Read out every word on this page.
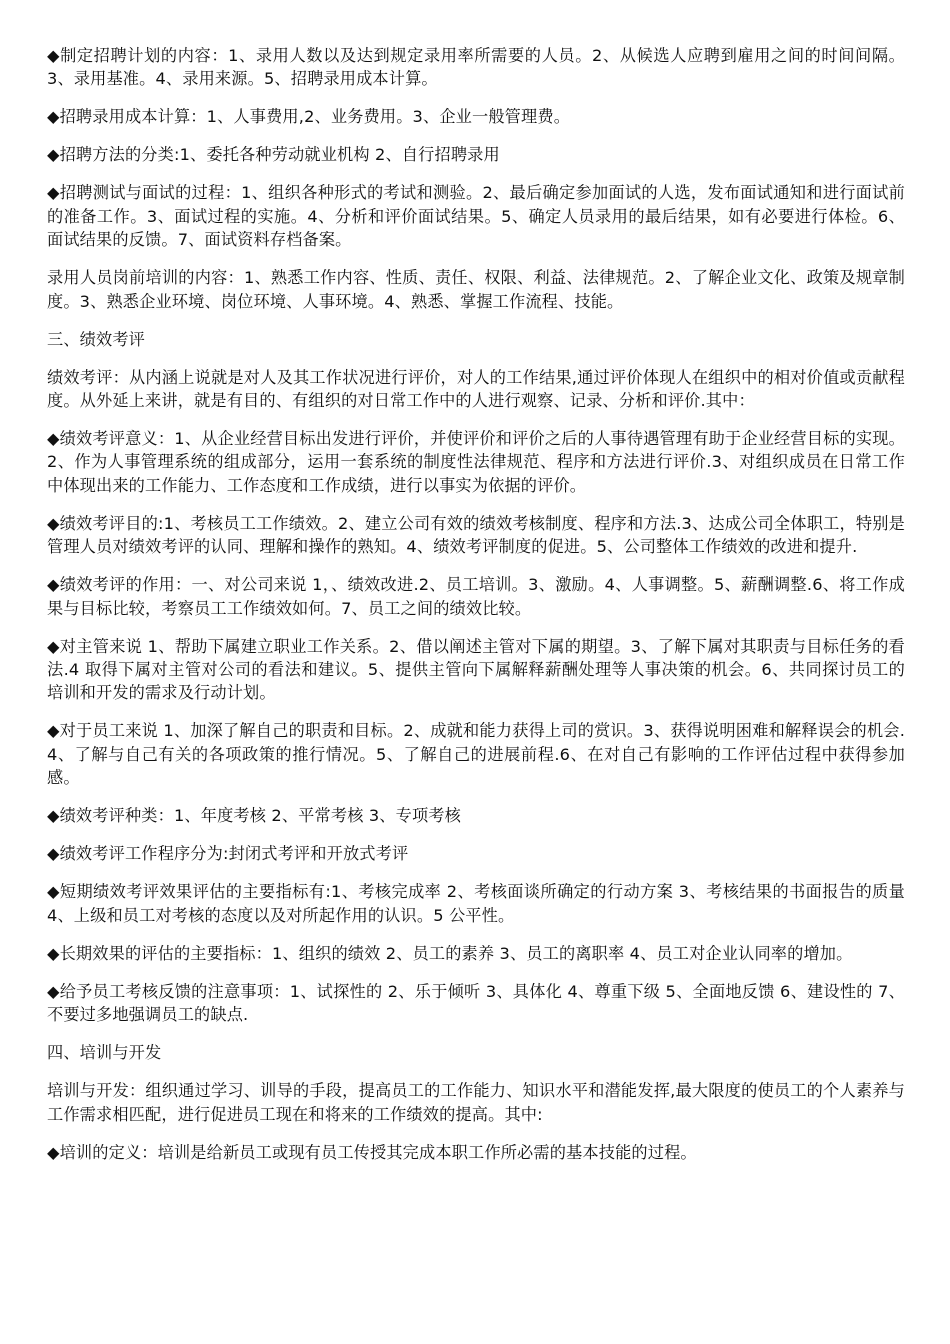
◆制定招聘计划的内容：1、录用人数以及达到规定录用率所需要的人员。2、从候选人应聘到雇用之间的时间间隔。3、录用基准。4、录用来源。5、招聘录用成本计算。

◆招聘录用成本计算：1、人事费用,2、业务费用。3、企业一般管理费。

◆招聘方法的分类:1、委托各种劳动就业机构 2、自行招聘录用

◆招聘测试与面试的过程：1、组织各种形式的考试和测验。2、最后确定参加面试的人选，发布面试通知和进行面试前的准备工作。3、面试过程的实施。4、分析和评价面试结果。5、确定人员录用的最后结果，如有必要进行体检。6、面试结果的反馈。7、面试资料存档备案。

录用人员岗前培训的内容：1、熟悉工作内容、性质、责任、权限、利益、法律规范。2、了解企业文化、政策及规章制度。3、熟悉企业环境、岗位环境、人事环境。4、熟悉、掌握工作流程、技能。

三、绩效考评

绩效考评：从内涵上说就是对人及其工作状况进行评价，对人的工作结果,通过评价体现人在组织中的相对价值或贡献程度。从外延上来讲，就是有目的、有组织的对日常工作中的人进行观察、记录、分析和评价.其中：

◆绩效考评意义：1、从企业经营目标出发进行评价，并使评价和评价之后的人事待遇管理有助于企业经营目标的实现。2、作为人事管理系统的组成部分，运用一套系统的制度性法律规范、程序和方法进行评价.3、对组织成员在日常工作中体现出来的工作能力、工作态度和工作成绩，进行以事实为依据的评价。

◆绩效考评目的:1、考核员工工作绩效。2、建立公司有效的绩效考核制度、程序和方法.3、达成公司全体职工，特别是管理人员对绩效考评的认同、理解和操作的熟知。4、绩效考评制度的促进。5、公司整体工作绩效的改进和提升.

◆绩效考评的作用：一、对公司来说 1，、绩效改进.2、员工培训。3、激励。4、人事调整。5、薪酬调整.6、将工作成果与目标比较，考察员工工作绩效如何。7、员工之间的绩效比较。

◆对主管来说 1、帮助下属建立职业工作关系。2、借以阐述主管对下属的期望。3、了解下属对其职责与目标任务的看法.4 取得下属对主管对公司的看法和建议。5、提供主管向下属解释薪酬处理等人事决策的机会。6、共同探讨员工的培训和开发的需求及行动计划。

◆对于员工来说 1、加深了解自己的职责和目标。2、成就和能力获得上司的赏识。3、获得说明困难和解释误会的机会.4、了解与自己有关的各项政策的推行情况。5、了解自己的进展前程.6、在对自己有影响的工作评估过程中获得参加感。

◆绩效考评种类：1、年度考核 2、平常考核 3、专项考核

◆绩效考评工作程序分为:封闭式考评和开放式考评

◆短期绩效考评效果评估的主要指标有:1、考核完成率 2、考核面谈所确定的行动方案 3、考核结果的书面报告的质量 4、上级和员工对考核的态度以及对所起作用的认识。5 公平性。

◆长期效果的评估的主要指标：1、组织的绩效 2、员工的素养 3、员工的离职率 4、员工对企业认同率的增加。

◆给予员工考核反馈的注意事项：1、试探性的 2、乐于倾听 3、具体化 4、尊重下级 5、全面地反馈 6、建设性的 7、不要过多地强调员工的缺点.

四、培训与开发

培训与开发：组织通过学习、训导的手段，提高员工的工作能力、知识水平和潜能发挥,最大限度的使员工的个人素养与工作需求相匹配，进行促进员工现在和将来的工作绩效的提高。其中:

◆培训的定义：培训是给新员工或现有员工传授其完成本职工作所必需的基本技能的过程。
